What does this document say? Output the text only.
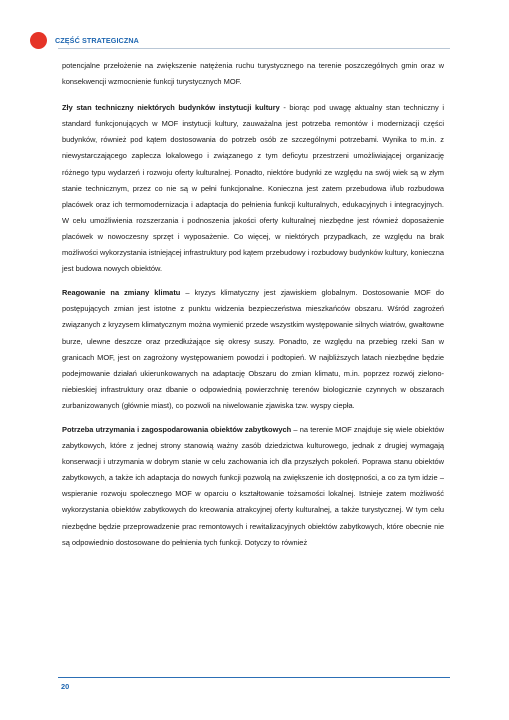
CZĘŚĆ STRATEGICZNA

potencjalne przełożenie na zwiększenie natężenia ruchu turystycznego na terenie poszczególnych gmin oraz w konsekwencji wzmocnienie funkcji turystycznych MOF.

Zły stan techniczny niektórych budynków instytucji kultury - biorąc pod uwagę aktualny stan techniczny i standard funkcjonujących w MOF instytucji kultury, zauważalna jest potrzeba remontów i modernizacji części budynków, również pod kątem dostosowania do potrzeb osób ze szczególnymi potrzebami. Wynika to m.in. z niewystarczającego zaplecza lokalowego i związanego z tym deficytu przestrzeni umożliwiającej organizację różnego typu wydarzeń i rozwoju oferty kulturalnej. Ponadto, niektóre budynki ze względu na swój wiek są w złym stanie technicznym, przez co nie są w pełni funkcjonalne. Konieczna jest zatem przebudowa i/lub rozbudowa placówek oraz ich termomodernizacja i adaptacja do pełnienia funkcji kulturalnych, edukacyjnych i integracyjnych. W celu umożliwienia rozszerzania i podnoszenia jakości oferty kulturalnej niezbędne jest również doposażenie placówek w nowoczesny sprzęt i wyposażenie. Co więcej, w niektórych przypadkach, ze względu na brak możliwości wykorzystania istniejącej infrastruktury pod kątem przebudowy i rozbudowy budynków kultury, konieczna jest budowa nowych obiektów.

Reagowanie na zmiany klimatu – kryzys klimatyczny jest zjawiskiem globalnym. Dostosowanie MOF do postępujących zmian jest istotne z punktu widzenia bezpieczeństwa mieszkańców obszaru. Wśród zagrożeń związanych z kryzysem klimatycznym można wymienić przede wszystkim występowanie silnych wiatrów, gwałtowne burze, ulewne deszcze oraz przedłużające się okresy suszy. Ponadto, ze względu na przebieg rzeki San w granicach MOF, jest on zagrożony występowaniem powodzi i podtopień. W najbliższych latach niezbędne będzie podejmowanie działań ukierunkowanych na adaptację Obszaru do zmian klimatu, m.in. poprzez rozwój zielono-niebieskiej infrastruktury oraz dbanie o odpowiednią powierzchnię terenów biologicznie czynnych w obszarach zurbanizowanych (głównie miast), co pozwoli na niwelowanie zjawiska tzw. wyspy ciepła.

Potrzeba utrzymania i zagospodarowania obiektów zabytkowych – na terenie MOF znajduje się wiele obiektów zabytkowych, które z jednej strony stanowią ważny zasób dziedzictwa kulturowego, jednak z drugiej wymagają konserwacji i utrzymania w dobrym stanie w celu zachowania ich dla przyszłych pokoleń. Poprawa stanu obiektów zabytkowych, a także ich adaptacja do nowych funkcji pozwolą na zwiększenie ich dostępności, a co za tym idzie – wspieranie rozwoju społecznego MOF w oparciu o kształtowanie tożsamości lokalnej. Istnieje zatem możliwość wykorzystania obiektów zabytkowych do kreowania atrakcyjnej oferty kulturalnej, a także turystycznej. W tym celu niezbędne będzie przeprowadzenie prac remontowych i rewitalizacyjnych obiektów zabytkowych, które obecnie nie są odpowiednio dostosowane do pełnienia tych funkcji. Dotyczy to również

20
